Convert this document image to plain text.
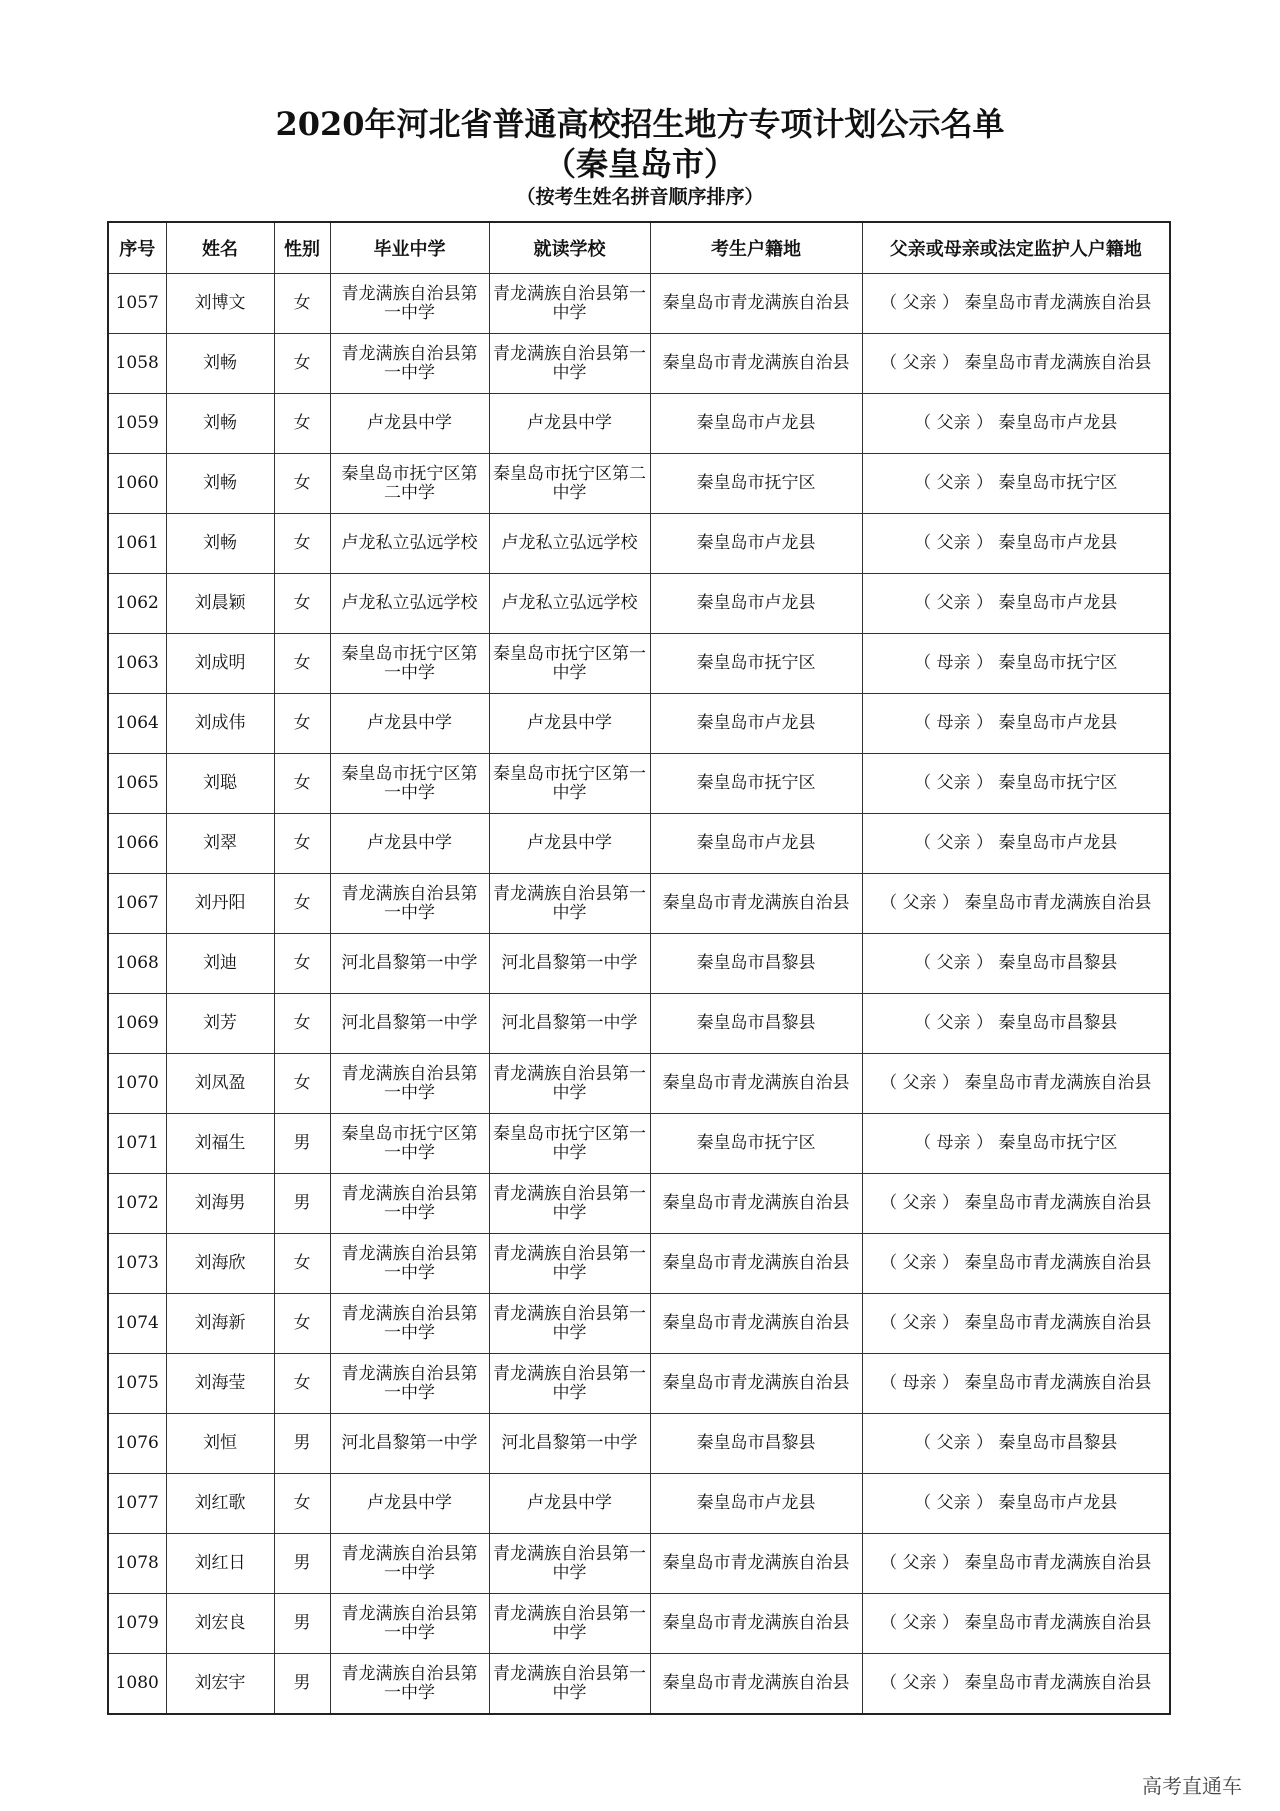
2020年河北省普通高校招生地方专项计划公示名单
（秦皇岛市）
（按考生姓名拼音顺序排序）
序号	姓名	性别	毕业中学	就读学校	考生户籍地	父亲或母亲或法定监护人户籍地
1057	刘博文	女	青龙满族自治县第一中学	青龙满族自治县第一中学	秦皇岛市青龙满族自治县	（ 父亲 ） 秦皇岛市青龙满族自治县
1058	刘畅	女	青龙满族自治县第一中学	青龙满族自治县第一中学	秦皇岛市青龙满族自治县	（ 父亲 ） 秦皇岛市青龙满族自治县
1059	刘畅	女	卢龙县中学	卢龙县中学	秦皇岛市卢龙县	（ 父亲 ） 秦皇岛市卢龙县
1060	刘畅	女	秦皇岛市抚宁区第二中学	秦皇岛市抚宁区第二中学	秦皇岛市抚宁区	（ 父亲 ） 秦皇岛市抚宁区
1061	刘畅	女	卢龙私立弘远学校	卢龙私立弘远学校	秦皇岛市卢龙县	（ 父亲 ） 秦皇岛市卢龙县
1062	刘晨颖	女	卢龙私立弘远学校	卢龙私立弘远学校	秦皇岛市卢龙县	（ 父亲 ） 秦皇岛市卢龙县
1063	刘成明	女	秦皇岛市抚宁区第一中学	秦皇岛市抚宁区第一中学	秦皇岛市抚宁区	（ 母亲 ） 秦皇岛市抚宁区
1064	刘成伟	女	卢龙县中学	卢龙县中学	秦皇岛市卢龙县	（ 母亲 ） 秦皇岛市卢龙县
1065	刘聪	女	秦皇岛市抚宁区第一中学	秦皇岛市抚宁区第一中学	秦皇岛市抚宁区	（ 父亲 ） 秦皇岛市抚宁区
1066	刘翠	女	卢龙县中学	卢龙县中学	秦皇岛市卢龙县	（ 父亲 ） 秦皇岛市卢龙县
1067	刘丹阳	女	青龙满族自治县第一中学	青龙满族自治县第一中学	秦皇岛市青龙满族自治县	（ 父亲 ） 秦皇岛市青龙满族自治县
1068	刘迪	女	河北昌黎第一中学	河北昌黎第一中学	秦皇岛市昌黎县	（ 父亲 ） 秦皇岛市昌黎县
1069	刘芳	女	河北昌黎第一中学	河北昌黎第一中学	秦皇岛市昌黎县	（ 父亲 ） 秦皇岛市昌黎县
1070	刘凤盈	女	青龙满族自治县第一中学	青龙满族自治县第一中学	秦皇岛市青龙满族自治县	（ 父亲 ） 秦皇岛市青龙满族自治县
1071	刘福生	男	秦皇岛市抚宁区第一中学	秦皇岛市抚宁区第一中学	秦皇岛市抚宁区	（ 母亲 ） 秦皇岛市抚宁区
1072	刘海男	男	青龙满族自治县第一中学	青龙满族自治县第一中学	秦皇岛市青龙满族自治县	（ 父亲 ） 秦皇岛市青龙满族自治县
1073	刘海欣	女	青龙满族自治县第一中学	青龙满族自治县第一中学	秦皇岛市青龙满族自治县	（ 父亲 ） 秦皇岛市青龙满族自治县
1074	刘海新	女	青龙满族自治县第一中学	青龙满族自治县第一中学	秦皇岛市青龙满族自治县	（ 父亲 ） 秦皇岛市青龙满族自治县
1075	刘海莹	女	青龙满族自治县第一中学	青龙满族自治县第一中学	秦皇岛市青龙满族自治县	（ 母亲 ） 秦皇岛市青龙满族自治县
1076	刘恒	男	河北昌黎第一中学	河北昌黎第一中学	秦皇岛市昌黎县	（ 父亲 ） 秦皇岛市昌黎县
1077	刘红歌	女	卢龙县中学	卢龙县中学	秦皇岛市卢龙县	（ 父亲 ） 秦皇岛市卢龙县
1078	刘红日	男	青龙满族自治县第一中学	青龙满族自治县第一中学	秦皇岛市青龙满族自治县	（ 父亲 ） 秦皇岛市青龙满族自治县
1079	刘宏良	男	青龙满族自治县第一中学	青龙满族自治县第一中学	秦皇岛市青龙满族自治县	（ 父亲 ） 秦皇岛市青龙满族自治县
1080	刘宏宇	男	青龙满族自治县第一中学	青龙满族自治县第一中学	秦皇岛市青龙满族自治县	（ 父亲 ） 秦皇岛市青龙满族自治县
高考直通车
